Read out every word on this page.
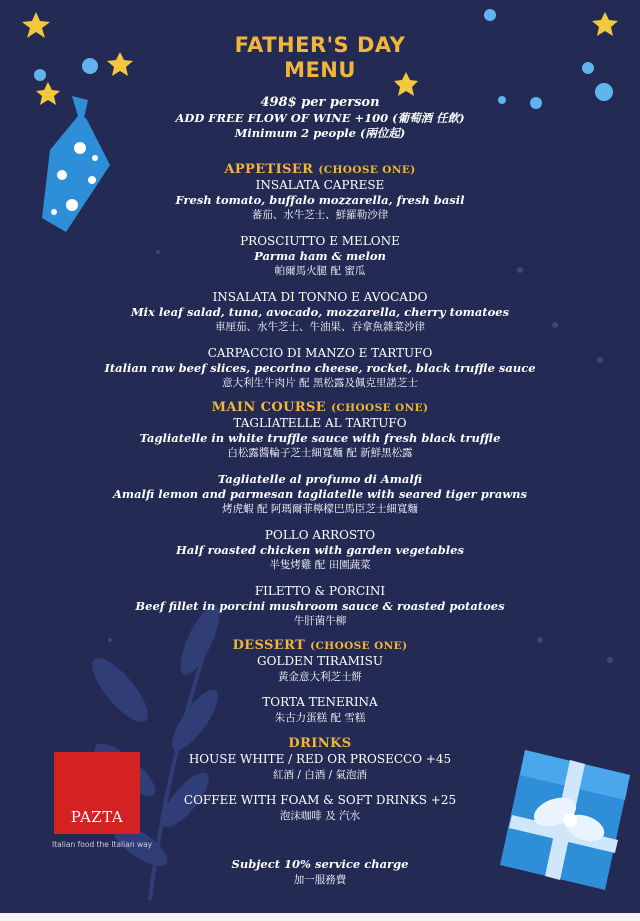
FATHER'S DAY
MENU
498$ per person
ADD FREE FLOW OF WINE +100 (葡萄酒 任飲)
Minimum 2 people (兩位起)
APPETISER (CHOOSE ONE)
INSALATA CAPRESE
Fresh tomato, buffalo mozzarella, fresh basil
蕃茄、水牛芝士、鮮羅勒沙律
PROSCIUTTO E MELONE
Parma ham & melon
帕爾馬火腿 配 蜜瓜
INSALATA DI TONNO E AVOCADO
Mix leaf salad, tuna, avocado, mozzarella, cherry tomatoes
車厘茄、水牛芝士、牛油果、吞拿魚雜菜沙律
CARPACCIO DI MANZO E TARTUFO
Italian raw beef slices, pecorino cheese, rocket, black truffle sauce
意大利生牛肉片 配 黑松露及佩克里諾芝士
MAIN COURSE (CHOOSE ONE)
TAGLIATELLE AL TARTUFO
Tagliatelle in white truffle sauce with fresh black truffle
白松露醬輪子芝士細寬麵 配 新鮮黑松露
Tagliatelle al profumo di Amalfi
Amalfi lemon and parmesan tagliatelle with seared tiger prawns
烤虎蝦 配 阿瑪爾菲檸檬巴馬臣芝士細寬麵
POLLO ARROSTO
Half roasted chicken with garden vegetables
半隻烤雞 配 田園蔬菜
FILETTO & PORCINI
Beef fillet in porcini mushroom sauce & roasted potatoes
牛肝菌牛柳
DESSERT (CHOOSE ONE)
GOLDEN TIRAMISU
黃金意大利芝士餅
TORTA TENERINA
朱古力蛋糕 配 雪糕
DRINKS
HOUSE WHITE / RED OR PROSECCO +45
紅酒 / 白酒 / 氣泡酒
COFFEE WITH FOAM & SOFT DRINKS +25
泡沫咖啡 及 汽水
Subject 10% service charge
加一服務費
PAZTA
Italian food the Italian way
